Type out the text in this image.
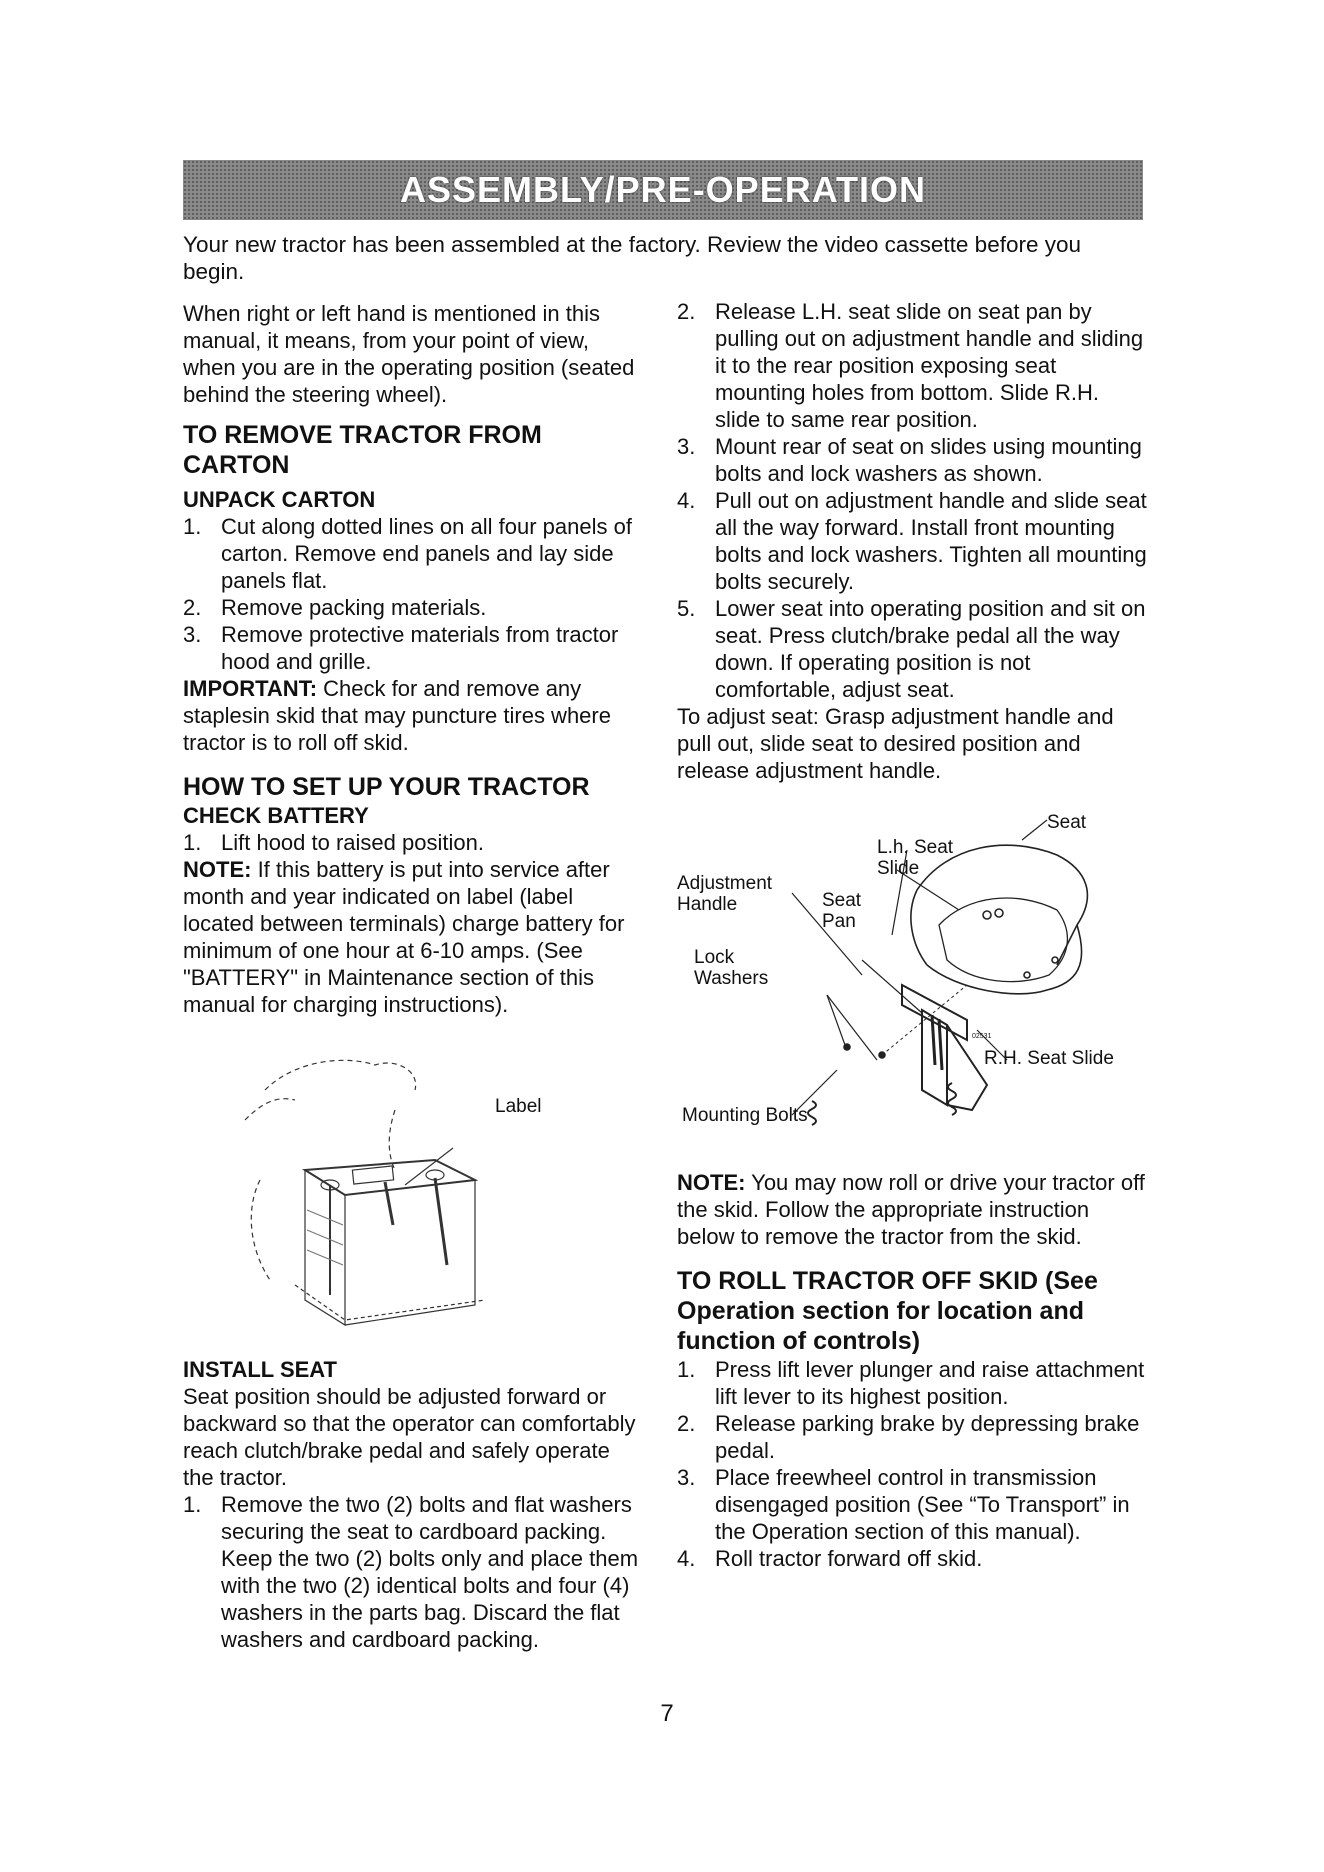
ASSEMBLY/PRE-OPERATION

Your new tractor has been assembled at the factory. Review the video cassette before you begin.

When right or left hand is mentioned in this manual, it means, from your point of view, when you are in the operating position (seated behind the steering wheel).

TO REMOVE TRACTOR FROM CARTON

UNPACK CARTON

1. Cut along dotted lines on all four panels of carton. Remove end panels and lay side panels flat.
2. Remove packing materials.
3. Remove protective materials from tractor hood and grille.

IMPORTANT: Check for and remove any staplesin skid that may puncture tires where tractor is to roll off skid.

HOW TO SET UP YOUR TRACTOR

CHECK BATTERY

1. Lift hood to raised position.

NOTE: If this battery is put into service after month and year indicated on label (label located between terminals) charge battery for minimum of one hour at 6-10 amps. (See "BATTERY" in Maintenance section of this manual for charging instructions).

Label

INSTALL SEAT

Seat position should be adjusted forward or backward so that the operator can comfortably reach clutch/brake pedal and safely operate the tractor.

1. Remove the two (2) bolts and flat washers securing the seat to cardboard packing. Keep the two (2) bolts only and place them with the two (2) identical bolts and four (4) washers in the parts bag. Discard the flat washers and cardboard packing.
2. Release L.H. seat slide on seat pan by pulling out on adjustment handle and sliding it to the rear position exposing seat mounting holes from bottom. Slide R.H. slide to same rear position.
3. Mount rear of seat on slides using mounting bolts and lock washers as shown.
4. Pull out on adjustment handle and slide seat all the way forward. Install front mounting bolts and lock washers. Tighten all mounting bolts securely.
5. Lower seat into operating position and sit on seat. Press clutch/brake pedal all the way down. If operating position is not comfortable, adjust seat.

To adjust seat: Grasp adjustment handle and pull out, slide seat to desired position and release adjustment handle.

Seat
L.h. Seat
Slide
Adjustment
Handle	Seat
Pan
Lock
Washers
R.H. Seat Slide
Mounting Bolts
02531

NOTE: You may now roll or drive your tractor off the skid. Follow the appropriate instruction below to remove the tractor from the skid.

TO ROLL TRACTOR OFF SKID (See Operation section for location and function of controls)

1. Press lift lever plunger and raise attachment lift lever to its highest position.
2. Release parking brake by depressing brake pedal.
3. Place freewheel control in transmission disengaged position (See “To Transport” in the Operation section of this manual).
4. Roll tractor forward off skid.
7
